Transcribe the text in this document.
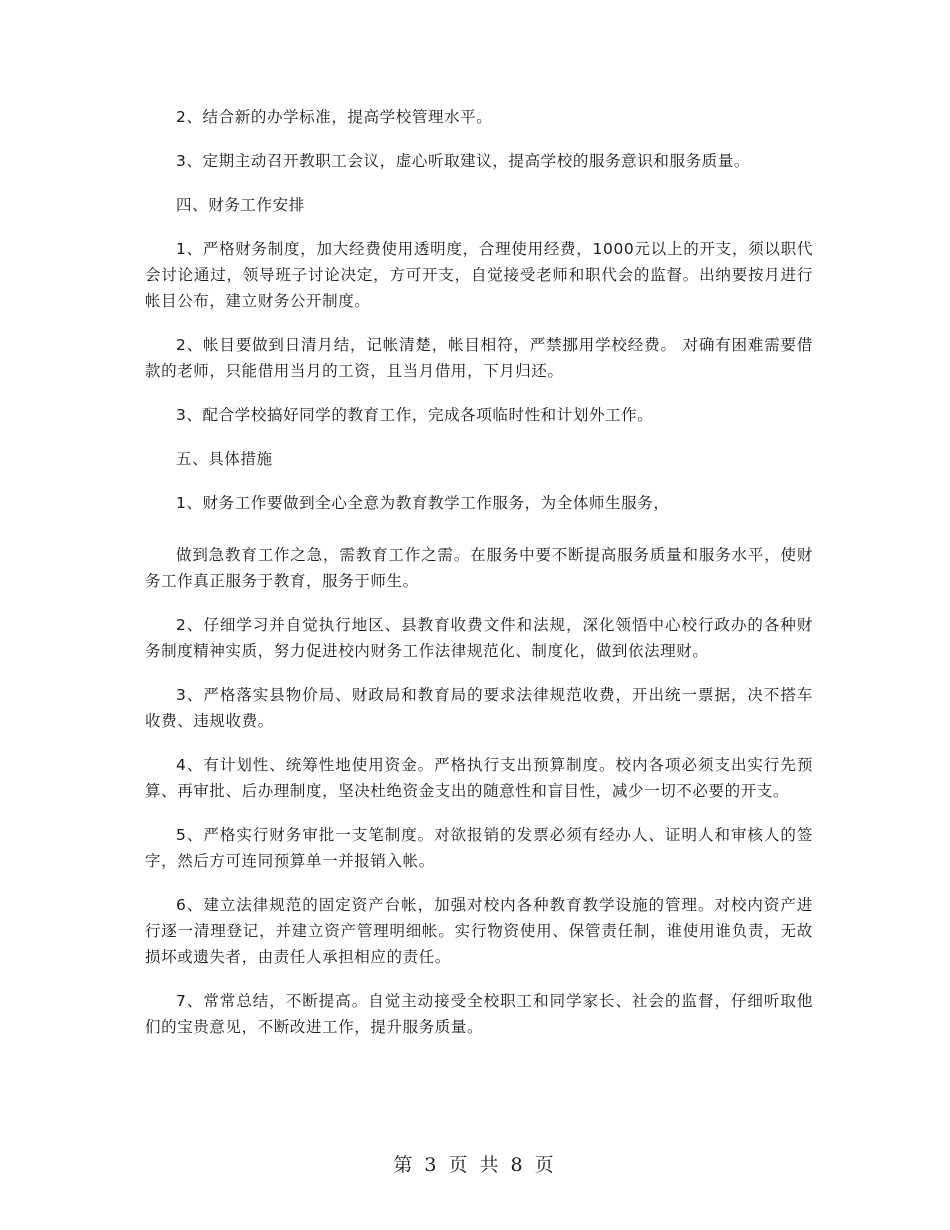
2、结合新的办学标准，提高学校管理水平。

3、定期主动召开教职工会议，虚心听取建议，提高学校的服务意识和服务质量。

四、财务工作安排

1、严格财务制度，加大经费使用透明度，合理使用经费，1000元以上的开支，须以职代会讨论通过，领导班子讨论决定，方可开支，自觉接受老师和职代会的监督。出纳要按月进行帐目公布，建立财务公开制度。

2、帐目要做到日清月结，记帐清楚，帐目相符，严禁挪用学校经费。 对确有困难需要借款的老师，只能借用当月的工资，且当月借用，下月归还。

3、配合学校搞好同学的教育工作，完成各项临时性和计划外工作。

五、具体措施

1、财务工作要做到全心全意为教育教学工作服务，为全体师生服务，

做到急教育工作之急，需教育工作之需。在服务中要不断提高服务质量和服务水平，使财务工作真正服务于教育，服务于师生。

2、仔细学习并自觉执行地区、县教育收费文件和法规，深化领悟中心校行政办的各种财务制度精神实质，努力促进校内财务工作法律规范化、制度化，做到依法理财。

3、严格落实县物价局、财政局和教育局的要求法律规范收费，开出统一票据，决不搭车收费、违规收费。

4、有计划性、统筹性地使用资金。严格执行支出预算制度。校内各项必须支出实行先预算、再审批、后办理制度，坚决杜绝资金支出的随意性和盲目性，减少一切不必要的开支。

5、严格实行财务审批一支笔制度。对欲报销的发票必须有经办人、证明人和审核人的签字，然后方可连同预算单一并报销入帐。

6、建立法律规范的固定资产台帐，加强对校内各种教育教学设施的管理。对校内资产进行逐一清理登记，并建立资产管理明细帐。实行物资使用、保管责任制，谁使用谁负责，无故损坏或遗失者，由责任人承担相应的责任。

7、常常总结，不断提高。自觉主动接受全校职工和同学家长、社会的监督，仔细听取他们的宝贵意见，不断改进工作，提升服务质量。

第 3 页 共 8 页
